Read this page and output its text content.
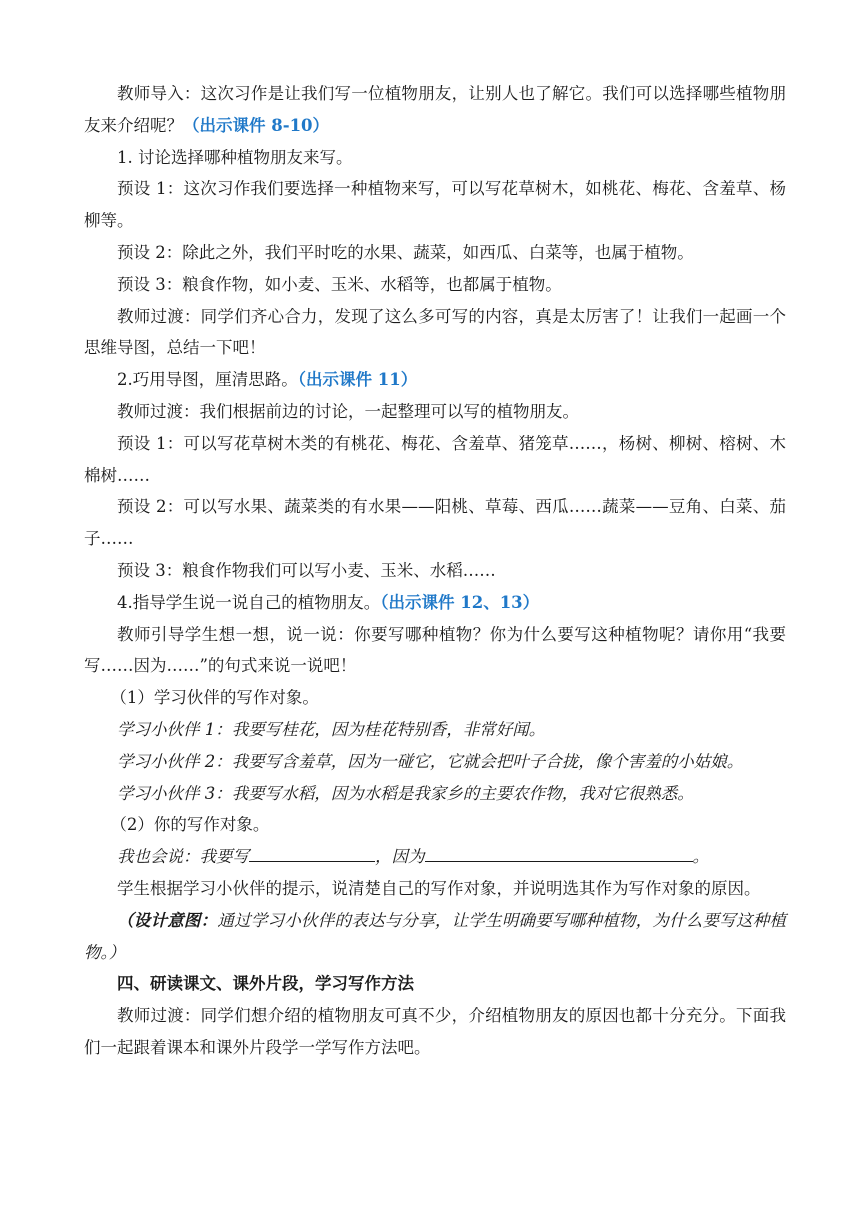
教师导入：这次习作是让我们写一位植物朋友，让别人也了解它。我们可以选择哪些植物朋友来介绍呢？（出示课件 8-10）

1. 讨论选择哪种植物朋友来写。

预设 1：这次习作我们要选择一种植物来写，可以写花草树木，如桃花、梅花、含羞草、杨柳等。

预设 2：除此之外，我们平时吃的水果、蔬菜，如西瓜、白菜等，也属于植物。

预设 3：粮食作物，如小麦、玉米、水稻等，也都属于植物。

教师过渡：同学们齐心合力，发现了这么多可写的内容，真是太厉害了！让我们一起画一个思维导图，总结一下吧！

2.巧用导图，厘清思路。（出示课件 11）

教师过渡：我们根据前边的讨论，一起整理可以写的植物朋友。

预设 1：可以写花草树木类的有桃花、梅花、含羞草、猪笼草……，杨树、柳树、榕树、木棉树……

预设 2：可以写水果、蔬菜类的有水果——阳桃、草莓、西瓜……蔬菜——豆角、白菜、茄子……

预设 3：粮食作物我们可以写小麦、玉米、水稻……

4.指导学生说一说自己的植物朋友。（出示课件 12、13）

教师引导学生想一想，说一说：你要写哪种植物？你为什么要写这种植物呢？请你用“我要写……因为……”的句式来说一说吧！

（1）学习伙伴的写作对象。

学习小伙伴 1：我要写桂花，因为桂花特别香，非常好闻。

学习小伙伴 2：我要写含羞草，因为一碰它，它就会把叶子合拢，像个害羞的小姑娘。

学习小伙伴 3：我要写水稻，因为水稻是我家乡的主要农作物，我对它很熟悉。

（2）你的写作对象。

我也会说：我要写	，因为	。

学生根据学习小伙伴的提示，说清楚自己的写作对象，并说明选其作为写作对象的原因。

（设计意图：通过学习小伙伴的表达与分享，让学生明确要写哪种植物，为什么要写这种植物。）

四、研读课文、课外片段，学习写作方法

教师过渡：同学们想介绍的植物朋友可真不少，介绍植物朋友的原因也都十分充分。下面我们一起跟着课本和课外片段学一学写作方法吧。
